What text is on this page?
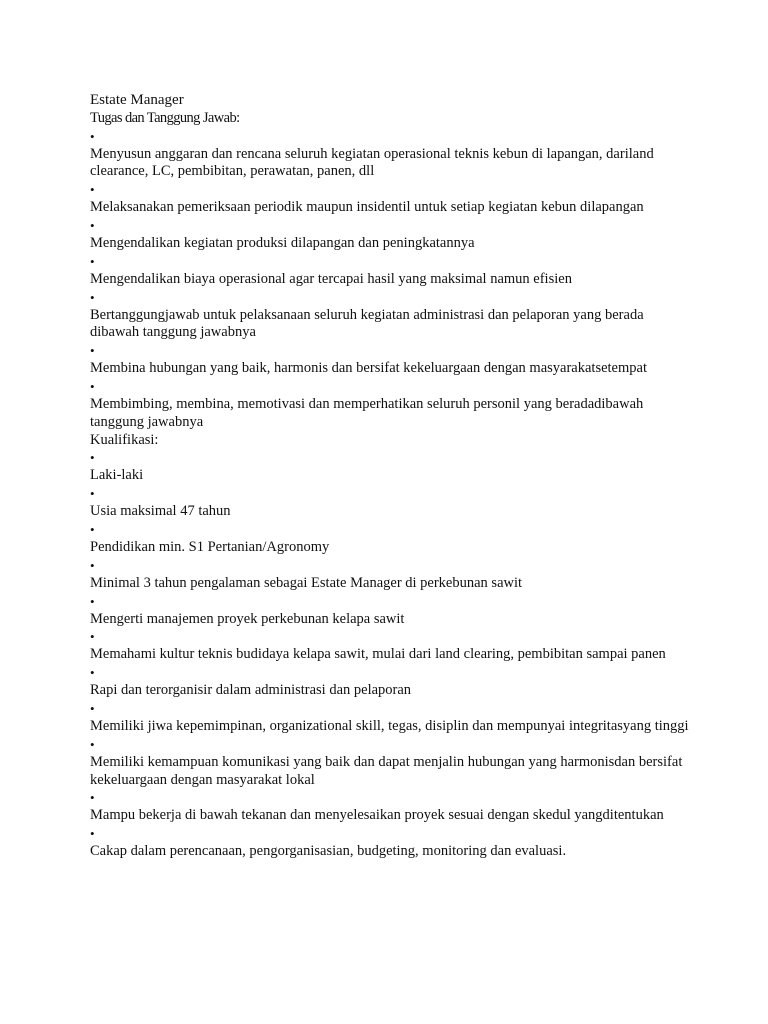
Estate Manager
Tugas dan Tanggung Jawab:
•
Menyusun anggaran dan rencana seluruh kegiatan operasional teknis kebun di lapangan, dariland clearance, LC, pembibitan, perawatan, panen, dll
•
Melaksanakan pemeriksaan periodik maupun insidentil untuk setiap kegiatan kebun dilapangan
•
Mengendalikan kegiatan produksi dilapangan dan peningkatannya
•
Mengendalikan biaya operasional agar tercapai hasil yang maksimal namun efisien
•
Bertanggungjawab untuk pelaksanaan seluruh kegiatan administrasi dan pelaporan yang berada dibawah tanggung jawabnya
•
Membina hubungan yang baik, harmonis dan bersifat kekeluargaan dengan masyarakatsetempat
•
Membimbing, membina, memotivasi dan memperhatikan seluruh personil yang beradadibawah tanggung jawabnya
Kualifikasi:
•
Laki-laki
•
Usia maksimal 47 tahun
•
Pendidikan min. S1 Pertanian/Agronomy
•
Minimal 3 tahun pengalaman sebagai Estate Manager di perkebunan sawit
•
Mengerti manajemen proyek perkebunan kelapa sawit
•
Memahami kultur teknis budidaya kelapa sawit, mulai dari land clearing, pembibitan sampai panen
•
Rapi dan terorganisir dalam administrasi dan pelaporan
•
Memiliki jiwa kepemimpinan, organizational skill, tegas, disiplin dan mempunyai integritasyang tinggi
•
Memiliki kemampuan komunikasi yang baik dan dapat menjalin hubungan yang harmonisdan bersifat kekeluargaan dengan masyarakat lokal
•
Mampu bekerja di bawah tekanan dan menyelesaikan proyek sesuai dengan skedul yangditentukan
•
Cakap dalam perencanaan, pengorganisasian, budgeting, monitoring dan evaluasi.
